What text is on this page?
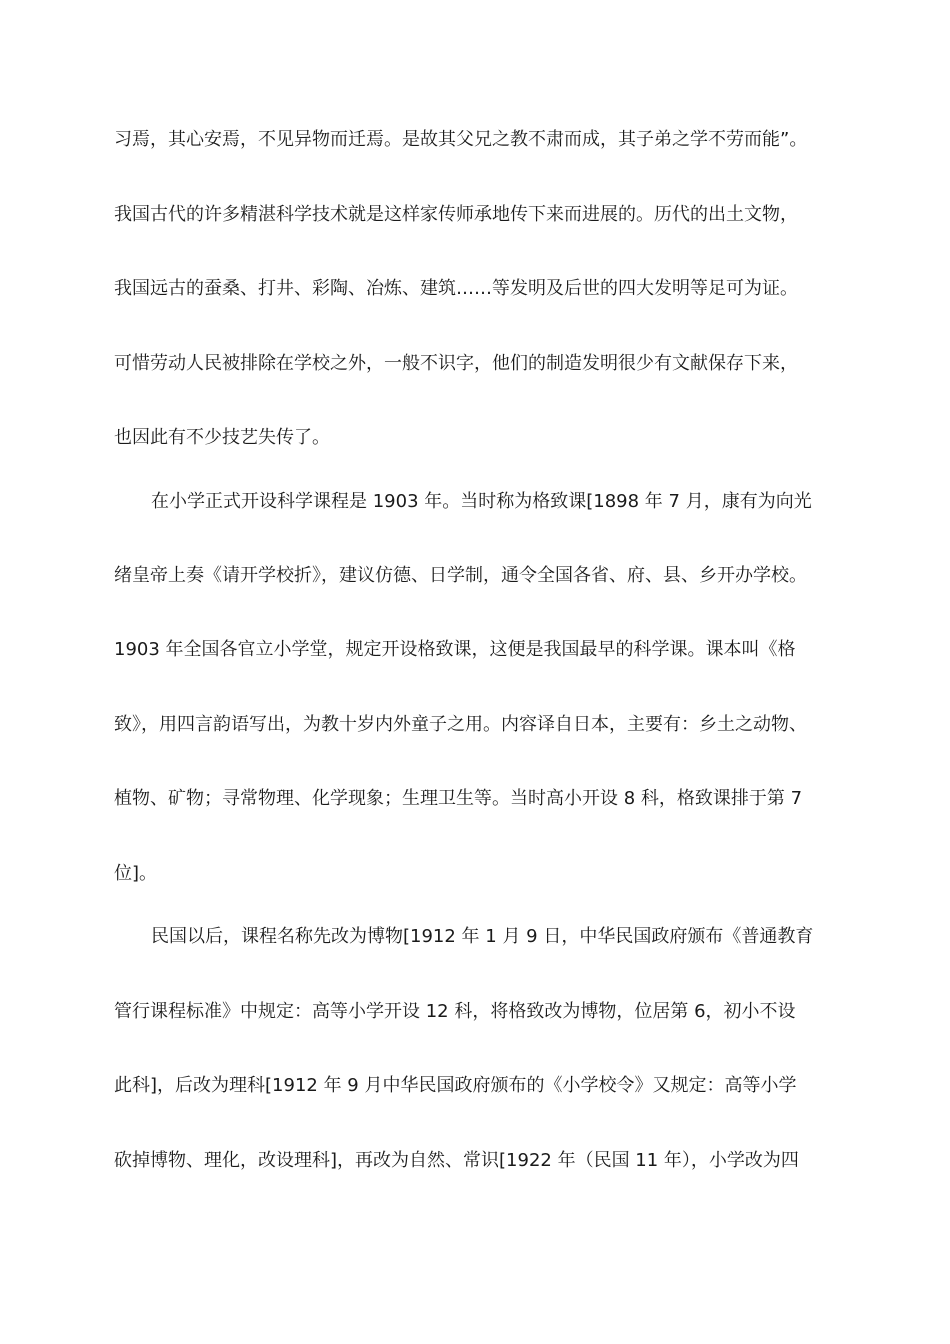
习焉，其心安焉，不见异物而迁焉。是故其父兄之教不肃而成，其子弟之学不劳而能”。
我国古代的许多精湛科学技术就是这样家传师承地传下来而进展的。历代的出土文物，
我国远古的蚕桑、打井、彩陶、冶炼、建筑……等发明及后世的四大发明等足可为证。
可惜劳动人民被排除在学校之外，一般不识字，他们的制造发明很少有文献保存下来，
也因此有不少技艺失传了。
在小学正式开设科学课程是 1903 年。当时称为格致课[1898 年 7 月，康有为向光
绪皇帝上奏《请开学校折》，建议仿德、日学制，通令全国各省、府、县、乡开办学校。
1903 年全国各官立小学堂，规定开设格致课，这便是我国最早的科学课。课本叫《格
致》，用四言韵语写出，为教十岁内外童子之用。内容译自日本，主要有：乡土之动物、
植物、矿物；寻常物理、化学现象；生理卫生等。当时高小开设 8 科，格致课排于第 7
位]。
民国以后，课程名称先改为博物[1912 年 1 月 9 日，中华民国政府颁布《普通教育
管行课程标准》中规定：高等小学开设 12 科，将格致改为博物，位居第 6，初小不设
此科]，后改为理科[1912 年 9 月中华民国政府颁布的《小学校令》又规定：高等小学
砍掉博物、理化，改设理科]，再改为自然、常识[1922 年（民国 11 年），小学改为四
